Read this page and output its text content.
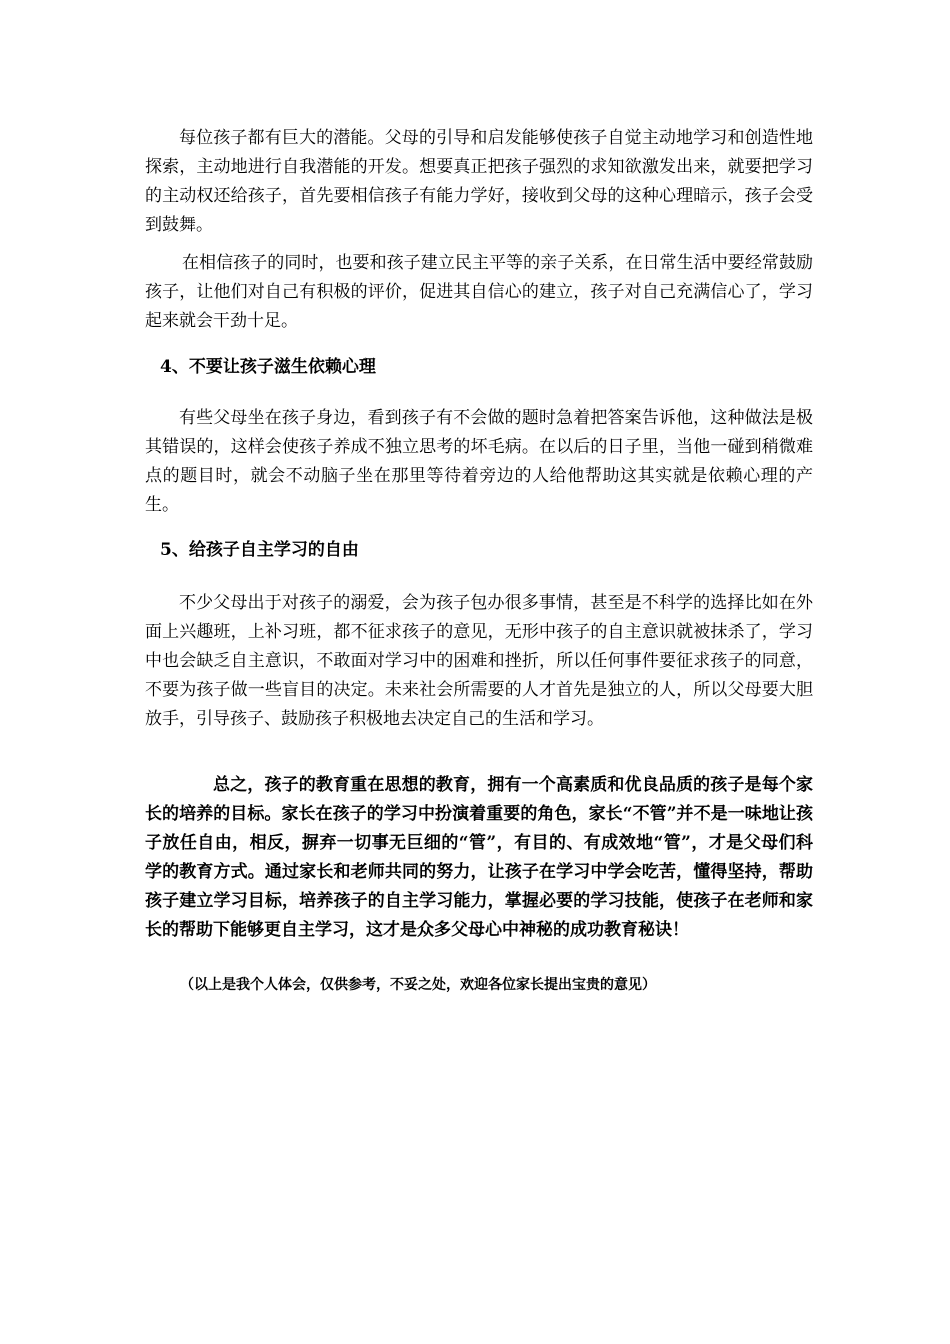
每位孩子都有巨大的潜能。父母的引导和启发能够使孩子自觉主动地学习和创造性地探索，主动地进行自我潜能的开发。想要真正把孩子强烈的求知欲激发出来，就要把学习的主动权还给孩子，首先要相信孩子有能力学好，接收到父母的这种心理暗示，孩子会受到鼓舞。

在相信孩子的同时，也要和孩子建立民主平等的亲子关系，在日常生活中要经常鼓励孩子，让他们对自己有积极的评价，促进其自信心的建立，孩子对自己充满信心了，学习起来就会干劲十足。

4、不要让孩子滋生依赖心理

有些父母坐在孩子身边，看到孩子有不会做的题时急着把答案告诉他，这种做法是极其错误的，这样会使孩子养成不独立思考的坏毛病。在以后的日子里，当他一碰到稍微难点的题目时，就会不动脑子坐在那里等待着旁边的人给他帮助这其实就是依赖心理的产生。

5、给孩子自主学习的自由

不少父母出于对孩子的溺爱，会为孩子包办很多事情，甚至是不科学的选择比如在外面上兴趣班，上补习班，都不征求孩子的意见，无形中孩子的自主意识就被抹杀了，学习中也会缺乏自主意识，不敢面对学习中的困难和挫折，所以任何事件要征求孩子的同意，不要为孩子做一些盲目的决定。未来社会所需要的人才首先是独立的人，所以父母要大胆放手，引导孩子、鼓励孩子积极地去决定自己的生活和学习。

总之，孩子的教育重在思想的教育，拥有一个高素质和优良品质的孩子是每个家长的培养的目标。家长在孩子的学习中扮演着重要的角色，家长“不管”并不是一味地让孩子放任自由，相反，摒弃一切事无巨细的“管”，有目的、有成效地“管”，才是父母们科学的教育方式。通过家长和老师共同的努力，让孩子在学习中学会吃苦，懂得坚持，帮助孩子建立学习目标，培养孩子的自主学习能力，掌握必要的学习技能，使孩子在老师和家长的帮助下能够更自主学习，这才是众多父母心中神秘的成功教育秘诀！

（以上是我个人体会，仅供参考，不妥之处，欢迎各位家长提出宝贵的意见）
